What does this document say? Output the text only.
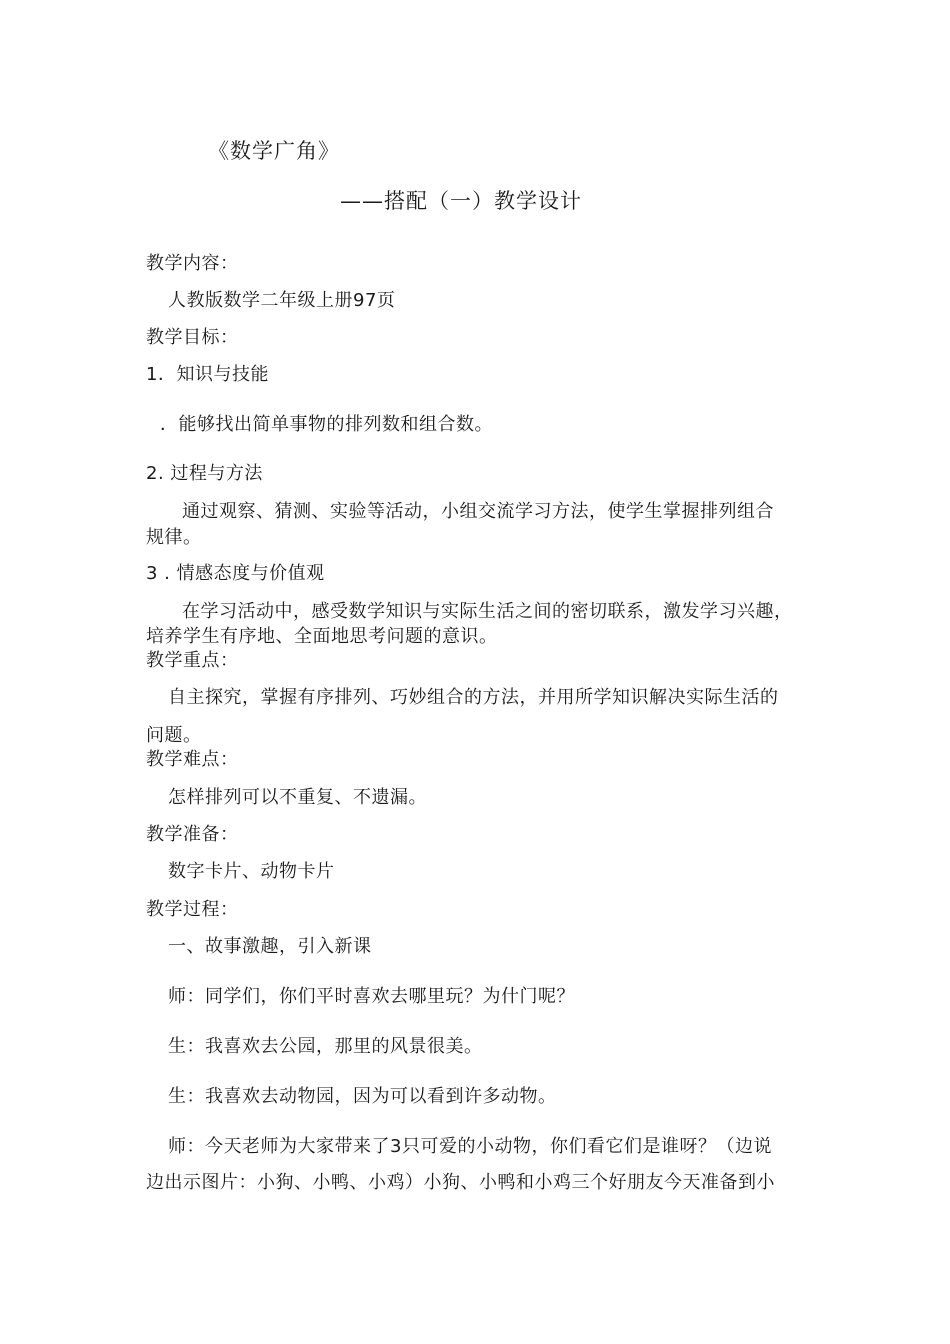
《数学广角》
——搭配（一）教学设计
教学内容：
人教版数学二年级上册97页
教学目标：
1．知识与技能
．能够找出简单事物的排列数和组合数。
2. 过程与方法
通过观察、猜测、实验等活动，小组交流学习方法，使学生掌握排列组合
规律。
3 . 情感态度与价值观
在学习活动中，感受数学知识与实际生活之间的密切联系，激发学习兴趣，
培养学生有序地、全面地思考问题的意识。
教学重点：
自主探究，掌握有序排列、巧妙组合的方法，并用所学知识解决实际生活的
问题。
教学难点：
怎样排列可以不重复、不遗漏。
教学准备：
数字卡片、动物卡片
教学过程：
一、故事激趣，引入新课
师：同学们，你们平时喜欢去哪里玩？为什门呢？
生：我喜欢去公园，那里的风景很美。
生：我喜欢去动物园，因为可以看到许多动物。
师：今天老师为大家带来了3只可爱的小动物，你们看它们是谁呀？（边说
边出示图片：小狗、小鸭、小鸡）小狗、小鸭和小鸡三个好朋友今天准备到小
